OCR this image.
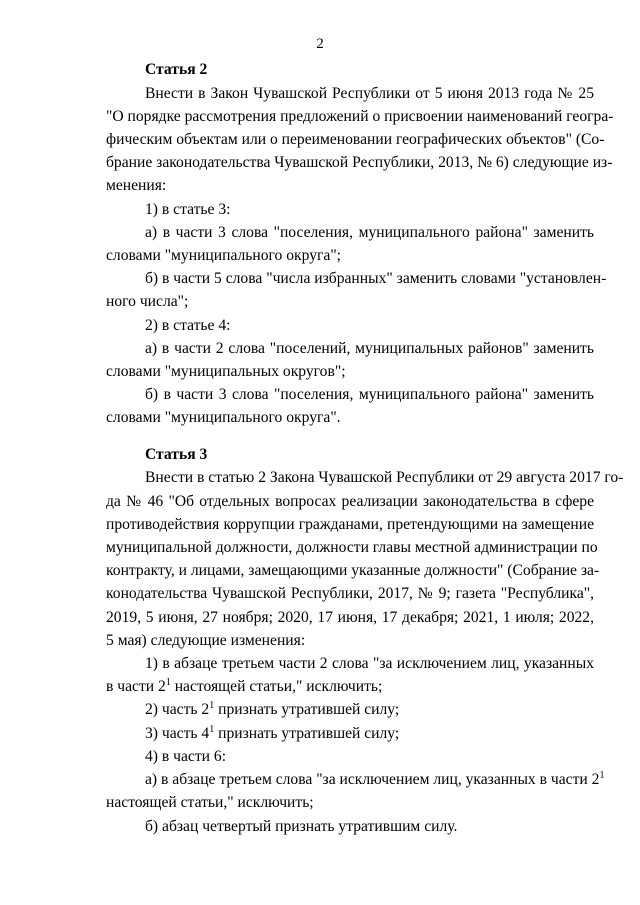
2
Статья 2
Внести в Закон Чувашской Республики от 5 июня 2013 года № 25
"О порядке рассмотрения предложений о присвоении наименований геогра-
фическим объектам или о переименовании географических объектов" (Со-
брание законодательства Чувашской Республики, 2013, № 6) следующие из-
менения:
1) в статье 3:
а) в части 3 слова "поселения, муниципального района" заменить
словами "муниципального округа";
б) в части 5 слова "числа избранных" заменить словами "установлен-
ного числа";
2) в статье 4:
а) в части 2 слова "поселений, муниципальных районов" заменить
словами "муниципальных округов";
б) в части 3 слова "поселения, муниципального района" заменить
словами "муниципального округа".
Статья 3
Внести в статью 2 Закона Чувашской Республики от 29 августа 2017 го-
да № 46 "Об отдельных вопросах реализации законодательства в сфере
противодействия коррупции гражданами, претендующими на замещение
муниципальной должности, должности главы местной администрации по
контракту, и лицами, замещающими указанные должности" (Собрание за-
конодательства Чувашской Республики, 2017, № 9; газета "Республика",
2019, 5 июня, 27 ноября; 2020, 17 июня, 17 декабря; 2021, 1 июля; 2022,
5 мая) следующие изменения:
1) в абзаце третьем части 2 слова "за исключением лиц, указанных
в части $2^1$ настоящей статьи," исключить;
2) часть $2^1$ признать утратившей силу;
3) часть $4^1$ признать утратившей силу;
4) в части 6:
а) в абзаце третьем слова "за исключением лиц, указанных в части $2^1$
настоящей статьи," исключить;
б) абзац четвертый признать утратившим силу.
